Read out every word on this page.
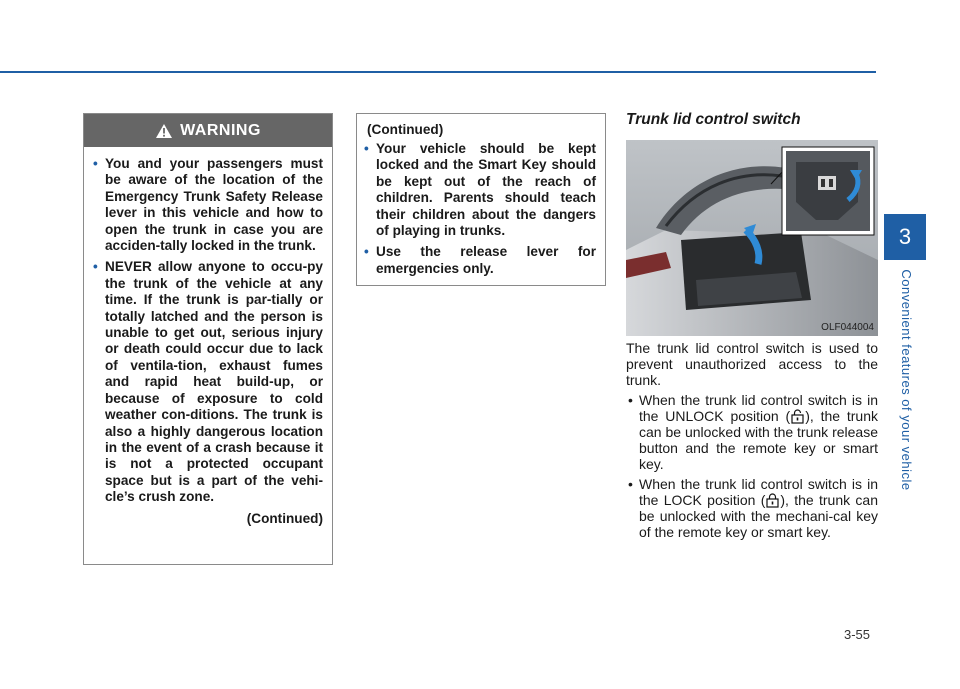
3
Convenient features of your vehicle
WARNING
• You and your passengers must be aware of the location of the Emergency Trunk Safety Release lever in this vehicle and how to open the trunk in case you are acciden-tally locked in the trunk.
• NEVER allow anyone to occu-py the trunk of the vehicle at any time. If the trunk is par-tially or totally latched and the person is unable to get out, serious injury or death could occur due to lack of ventila-tion, exhaust fumes and rapid heat build-up, or because of exposure to cold weather con-ditions. The trunk is also a highly dangerous location in the event of a crash because it is not a protected occupant space but is a part of the vehi-cle’s crush zone.
(Continued)
(Continued)
• Your vehicle should be kept locked and the Smart Key should be kept out of the reach of children. Parents should teach their children about the dangers of playing in trunks.
• Use the release lever for emergencies only.
Trunk lid control switch
OLF044004

The trunk lid control switch is used to prevent unauthorized access to the trunk.

• When the trunk lid control switch is in the UNLOCK position ( ), the trunk can be unlocked with the trunk release button and the remote key or smart key.
• When the trunk lid control switch is in the LOCK position ( ), the trunk can be unlocked with the mechani-cal key of the remote key or smart key.
3-55
